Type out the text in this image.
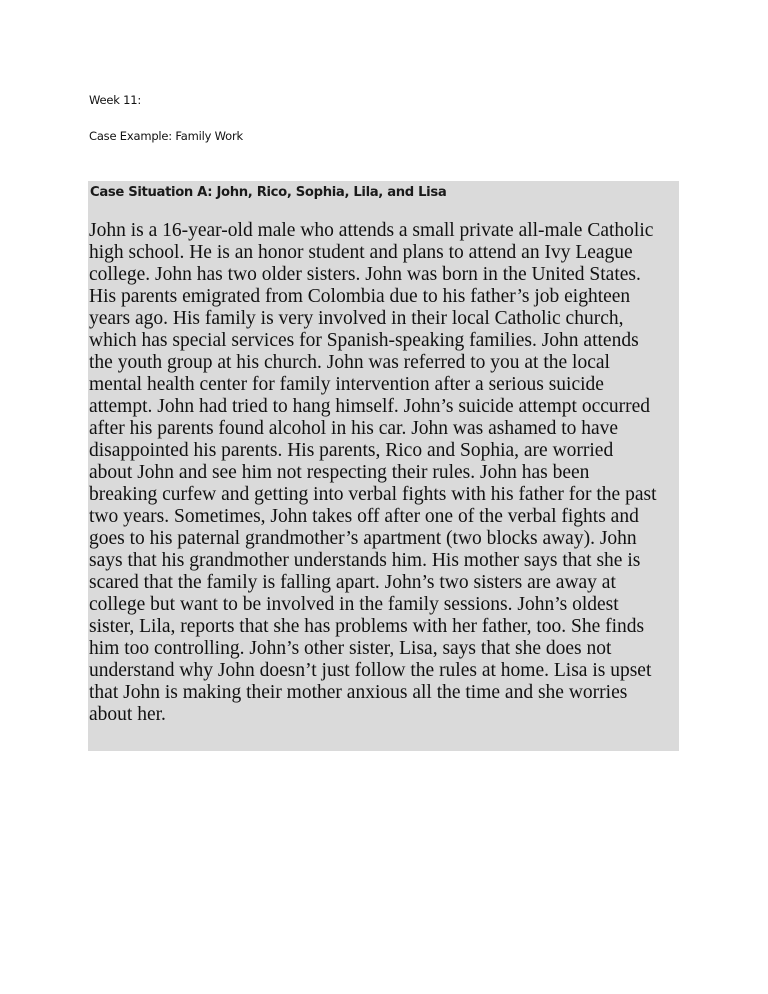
Week 11:
Case Example: Family Work
Case Situation A: John, Rico, Sophia, Lila, and Lisa
John is a 16-year-old male who attends a small private all-male Catholic
high school. He is an honor student and plans to attend an Ivy League
college. John has two older sisters. John was born in the United States.
His parents emigrated from Colombia due to his father’s job eighteen
years ago. His family is very involved in their local Catholic church,
which has special services for Spanish-speaking families. John attends
the youth group at his church. John was referred to you at the local
mental health center for family intervention after a serious suicide
attempt. John had tried to hang himself. John’s suicide attempt occurred
after his parents found alcohol in his car. John was ashamed to have
disappointed his parents. His parents, Rico and Sophia, are worried
about John and see him not respecting their rules. John has been
breaking curfew and getting into verbal fights with his father for the past
two years. Sometimes, John takes off after one of the verbal fights and
goes to his paternal grandmother’s apartment (two blocks away). John
says that his grandmother understands him. His mother says that she is
scared that the family is falling apart. John’s two sisters are away at
college but want to be involved in the family sessions. John’s oldest
sister, Lila, reports that she has problems with her father, too. She finds
him too controlling. John’s other sister, Lisa, says that she does not
understand why John doesn’t just follow the rules at home. Lisa is upset
that John is making their mother anxious all the time and she worries
about her.
